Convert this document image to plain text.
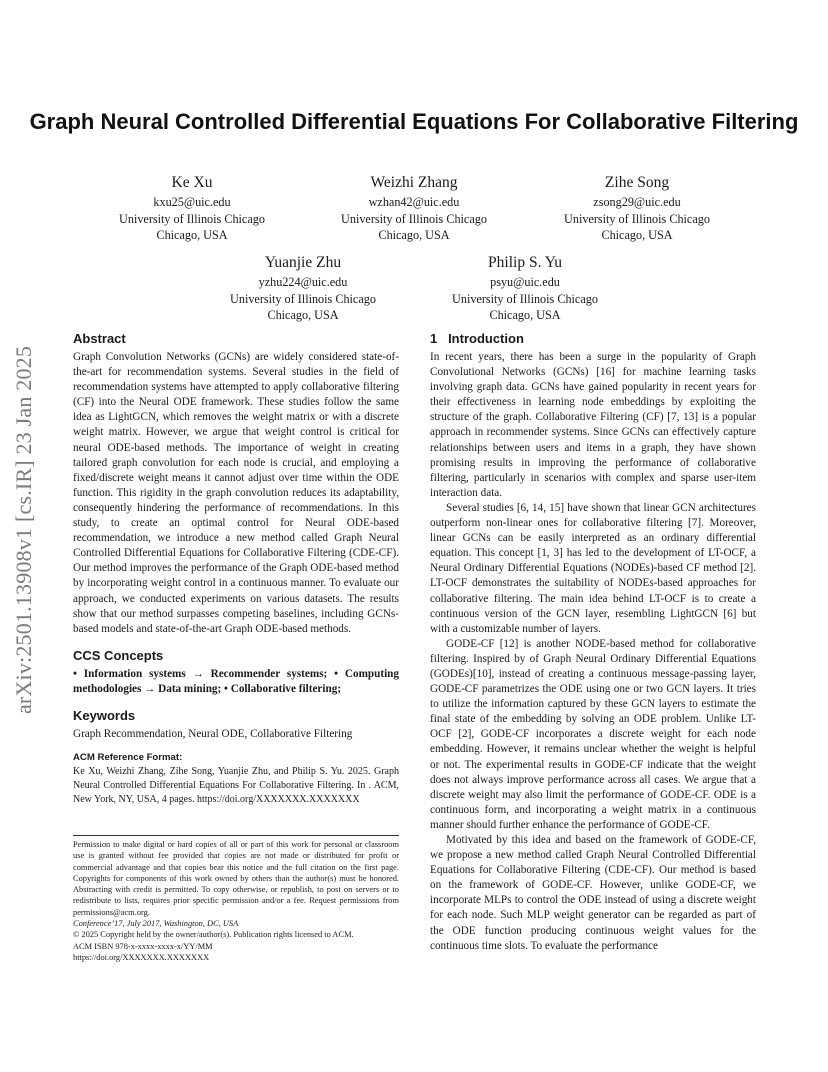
Graph Neural Controlled Differential Equations For Collaborative Filtering
Ke Xu
kxu25@uic.edu
University of Illinois Chicago
Chicago, USA
Weizhi Zhang
wzhan42@uic.edu
University of Illinois Chicago
Chicago, USA
Zihe Song
zsong29@uic.edu
University of Illinois Chicago
Chicago, USA
Yuanjie Zhu
yzhu224@uic.edu
University of Illinois Chicago
Chicago, USA
Philip S. Yu
psyu@uic.edu
University of Illinois Chicago
Chicago, USA
arXiv:2501.13908v1 [cs.IR] 23 Jan 2025
Abstract

Graph Convolution Networks (GCNs) are widely considered state-of-the-art for recommendation systems. Several studies in the field of recommendation systems have attempted to apply collaborative filtering (CF) into the Neural ODE framework. These studies follow the same idea as LightGCN, which removes the weight matrix or with a discrete weight matrix. However, we argue that weight control is critical for neural ODE-based methods. The importance of weight in creating tailored graph convolution for each node is crucial, and employing a fixed/discrete weight means it cannot adjust over time within the ODE function. This rigidity in the graph convolution reduces its adaptability, consequently hindering the performance of recommendations. In this study, to create an optimal control for Neural ODE-based recommendation, we introduce a new method called Graph Neural Controlled Differential Equations for Collaborative Filtering (CDE-CF). Our method improves the performance of the Graph ODE-based method by incorporating weight control in a continuous manner. To evaluate our approach, we conducted experiments on various datasets. The results show that our method surpasses competing baselines, including GCNs-based models and state-of-the-art Graph ODE-based methods.

CCS Concepts

• Information systems → Recommender systems; • Computing methodologies → Data mining; • Collaborative filtering;

Keywords

Graph Recommendation, Neural ODE, Collaborative Filtering

ACM Reference Format:

Ke Xu, Weizhi Zhang, Zihe Song, Yuanjie Zhu, and Philip S. Yu. 2025. Graph Neural Controlled Differential Equations For Collaborative Filtering. In . ACM, New York, NY, USA, 4 pages. https://doi.org/XXXXXXX.XXXXXXX

Permission to make digital or hard copies of all or part of this work for personal or classroom use is granted without fee provided that copies are not made or distributed for profit or commercial advantage and that copies bear this notice and the full citation on the first page. Copyrights for components of this work owned by others than the author(s) must be honored. Abstracting with credit is permitted. To copy otherwise, or republish, to post on servers or to redistribute to lists, requires prior specific permission and/or a fee. Request permissions from permissions@acm.org.

Conference’17, July 2017, Washington, DC, USA

© 2025 Copyright held by the owner/author(s). Publication rights licensed to ACM.

ACM ISBN 978-x-xxxx-xxxx-x/YY/MM

https://doi.org/XXXXXXX.XXXXXXX

1   Introduction

In recent years, there has been a surge in the popularity of Graph Convolutional Networks (GCNs) [16] for machine learning tasks involving graph data. GCNs have gained popularity in recent years for their effectiveness in learning node embeddings by exploiting the structure of the graph. Collaborative Filtering (CF) [7, 13] is a popular approach in recommender systems. Since GCNs can effectively capture relationships between users and items in a graph, they have shown promising results in improving the performance of collaborative filtering, particularly in scenarios with complex and sparse user-item interaction data.

Several studies [6, 14, 15] have shown that linear GCN architectures outperform non-linear ones for collaborative filtering [7]. Moreover, linear GCNs can be easily interpreted as an ordinary differential equation. This concept [1, 3] has led to the development of LT-OCF, a Neural Ordinary Differential Equations (NODEs)-based CF method [2]. LT-OCF demonstrates the suitability of NODEs-based approaches for collaborative filtering. The main idea behind LT-OCF is to create a continuous version of the GCN layer, resembling LightGCN [6] but with a customizable number of layers.

GODE-CF [12] is another NODE-based method for collaborative filtering. Inspired by of Graph Neural Ordinary Differential Equations (GODEs)[10], instead of creating a continuous message-passing layer, GODE-CF parametrizes the ODE using one or two GCN layers. It tries to utilize the information captured by these GCN layers to estimate the final state of the embedding by solving an ODE problem. Unlike LT-OCF [2], GODE-CF incorporates a discrete weight for each node embedding. However, it remains unclear whether the weight is helpful or not. The experimental results in GODE-CF indicate that the weight does not always improve performance across all cases. We argue that a discrete weight may also limit the performance of GODE-CF. ODE is a continuous form, and incorporating a weight matrix in a continuous manner should further enhance the performance of GODE-CF.

Motivated by this idea and based on the framework of GODE-CF, we propose a new method called Graph Neural Controlled Differential Equations for Collaborative Filtering (CDE-CF). Our method is based on the framework of GODE-CF. However, unlike GODE-CF, we incorporate MLPs to control the ODE instead of using a discrete weight for each node. Such MLP weight generator can be regarded as part of the ODE function producing continuous weight values for the continuous time slots. To evaluate the performance
